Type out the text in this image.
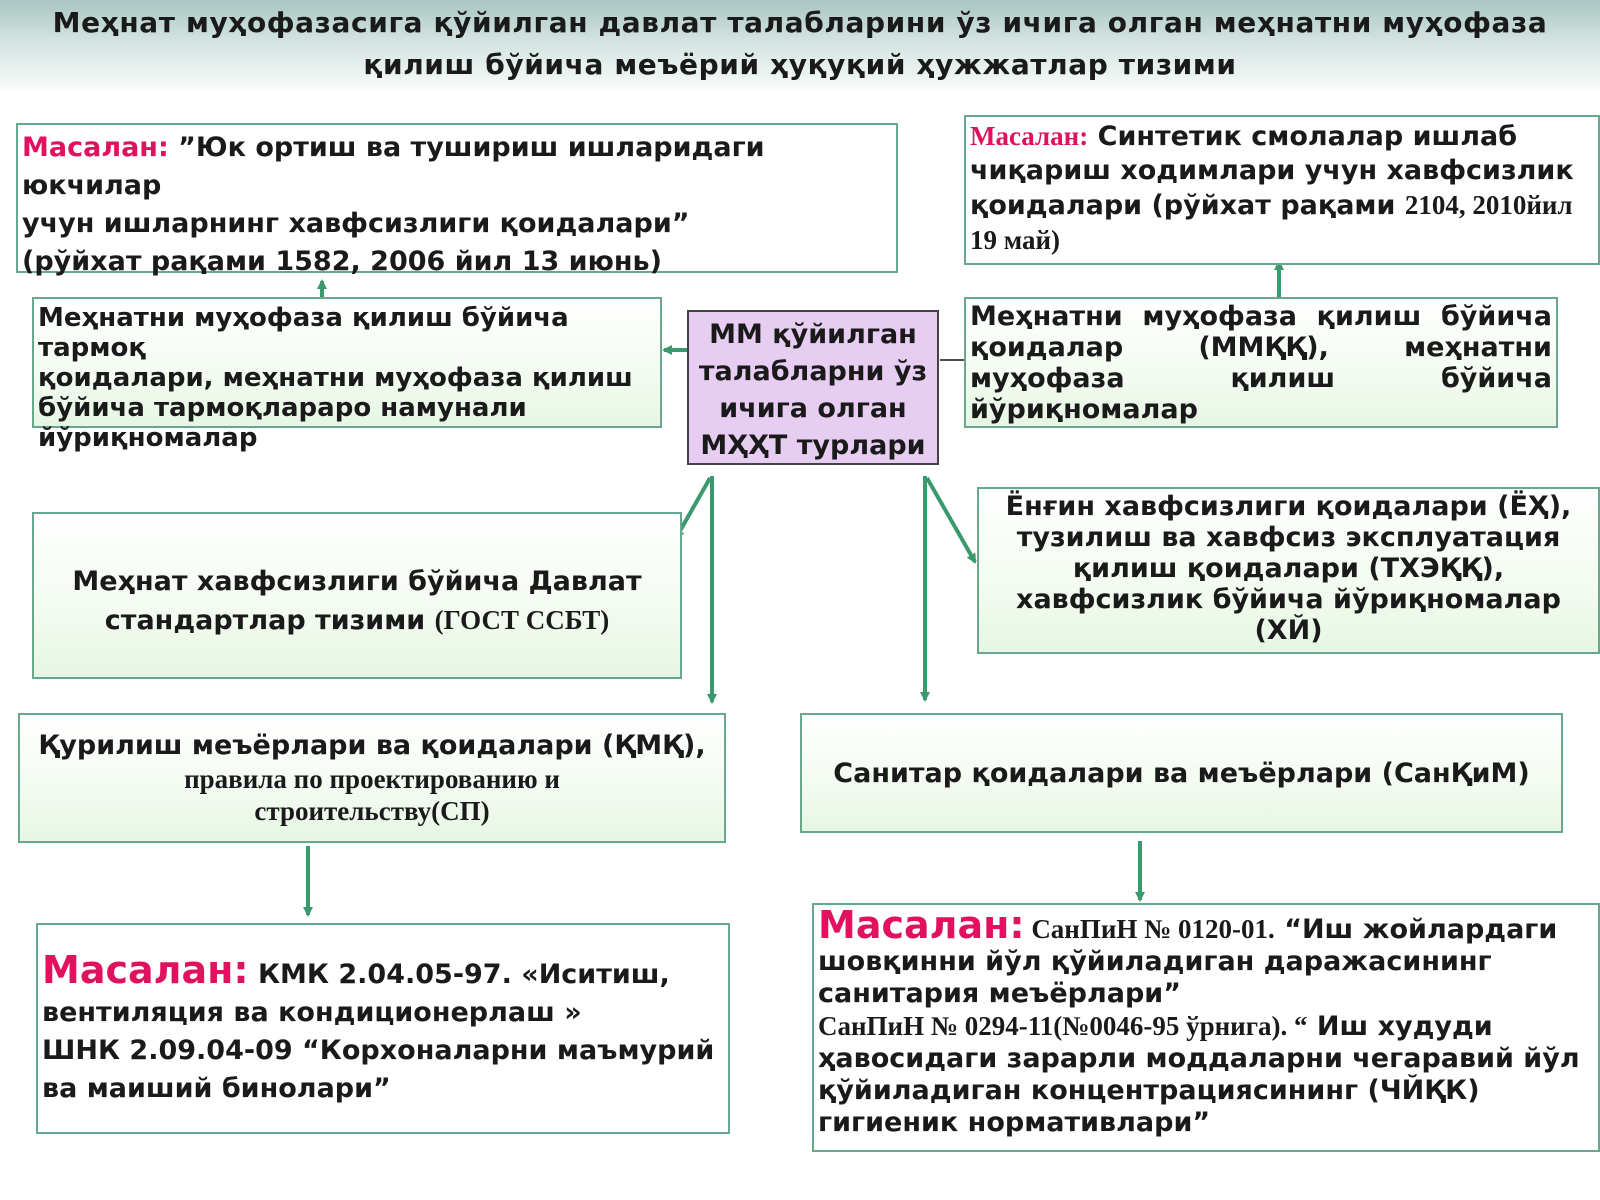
Меҳнат муҳофазасига қўйилган давлат талабларини ўз ичига олган меҳнатни муҳофаза
қилиш бўйича меъёрий ҳуқуқий ҳужжатлар тизими
Масалан: ”Юк ортиш ва тушириш ишларидаги юкчилар
учун ишларнинг хавфсизлиги қоидалари”
(рўйхат рақами 1582, 2006 йил 13 июнь)
Масалан: Синтетик смолалар ишлаб
чиқариш ходимлари учун хавфсизлик
қоидалари (рўйхат рақами 2104, 2010йил
19 май)
Меҳнатни муҳофаза қилиш бўйича тармоқ
қоидалари, меҳнатни муҳофаза қилиш
бўйича тармоқлараро намунали
йўриқномалар
ММ қўйилган
талабларни ўз
ичига олган
МҲҲТ турлари
Меҳнатни муҳофаза қилиш бўйича
қоидалар	(ММҚҚ),	меҳнатни
муҳофаза	қилиш	бўйича
йўриқномалар
Меҳнат хавфсизлиги бўйича Давлат
стандартлар тизими (ГОСТ ССБТ)
Ёнғин хавфсизлиги қоидалари (ЁҲ),
тузилиш ва хавфсиз эксплуатация
қилиш қоидалари (ТХЭҚҚ),
хавфсизлик бўйича йўриқномалар
(ХЙ)
Қурилиш меъёрлари ва қоидалари (ҚМҚ),
правила по проектированию и
строительству(СП)
Санитар қоидалари ва меъёрлари (СанҚиМ)
Масалан: КМК 2.04.05-97. «Иситиш,
вентиляция ва кондиционерлаш »
ШНК 2.09.04-09 “Корхоналарни маъмурий
ва маиший бинолари”
Масалан: СанПиН № 0120-01. “Иш жойлардаги
шовқинни йўл қўйиладиган даражасининг
санитария меъёрлари”
СанПиН № 0294-11(№0046-95 ўрнига). “ Иш худуди
ҳавосидаги зарарли моддаларни чегаравий йўл
қўйиладиган концентрациясининг (ЧЙҚК)
гигиеник нормативлари”
